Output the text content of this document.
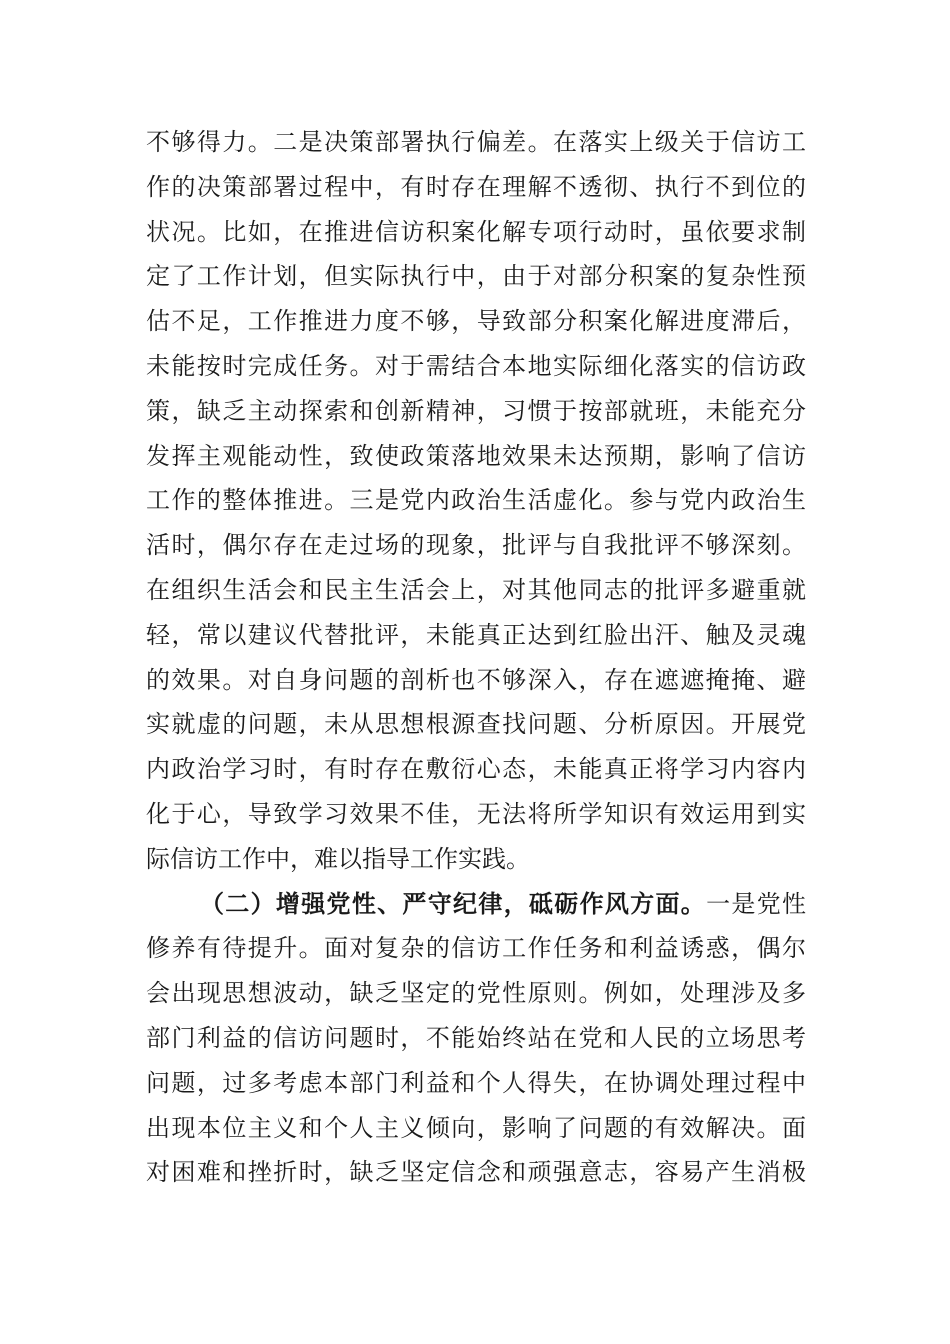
不够得力。二是决策部署执行偏差。在落实上级关于信访工
作的决策部署过程中，有时存在理解不透彻、执行不到位的
状况。比如，在推进信访积案化解专项行动时，虽依要求制
定了工作计划，但实际执行中，由于对部分积案的复杂性预
估不足，工作推进力度不够，导致部分积案化解进度滞后，
未能按时完成任务。对于需结合本地实际细化落实的信访政
策，缺乏主动探索和创新精神，习惯于按部就班，未能充分
发挥主观能动性，致使政策落地效果未达预期，影响了信访
工作的整体推进。三是党内政治生活虚化。参与党内政治生
活时，偶尔存在走过场的现象，批评与自我批评不够深刻。
在组织生活会和民主生活会上，对其他同志的批评多避重就
轻，常以建议代替批评，未能真正达到红脸出汗、触及灵魂
的效果。对自身问题的剖析也不够深入，存在遮遮掩掩、避
实就虚的问题，未从思想根源查找问题、分析原因。开展党
内政治学习时，有时存在敷衍心态，未能真正将学习内容内
化于心，导致学习效果不佳，无法将所学知识有效运用到实
际信访工作中，难以指导工作实践。
（二）增强党性、严守纪律，砥砺作风方面。一是党性
修养有待提升。面对复杂的信访工作任务和利益诱惑，偶尔
会出现思想波动，缺乏坚定的党性原则。例如，处理涉及多
部门利益的信访问题时，不能始终站在党和人民的立场思考
问题，过多考虑本部门利益和个人得失，在协调处理过程中
出现本位主义和个人主义倾向，影响了问题的有效解决。面
对困难和挫折时，缺乏坚定信念和顽强意志，容易产生消极
